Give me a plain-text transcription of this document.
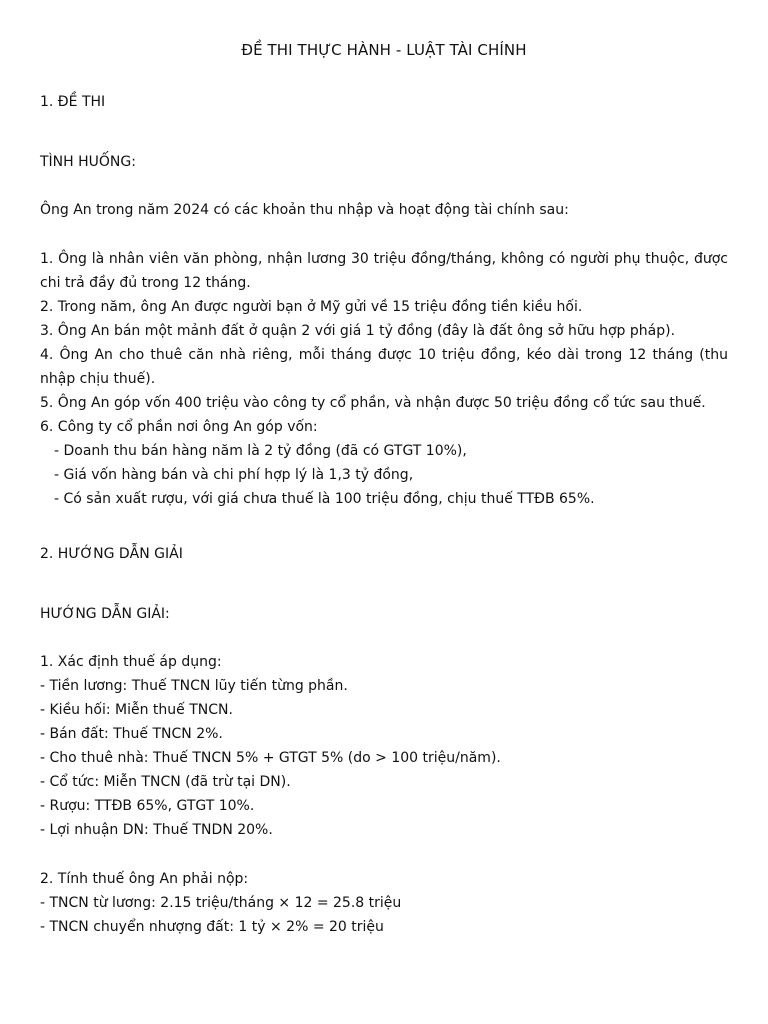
ĐỀ THI THỰC HÀNH - LUẬT TÀI CHÍNH
1. ĐỀ THI
TÌNH HUỐNG:
Ông An trong năm 2024 có các khoản thu nhập và hoạt động tài chính sau:
1. Ông là nhân viên văn phòng, nhận lương 30 triệu đồng/tháng, không có người phụ thuộc, được chi trả đầy đủ trong 12 tháng.
2. Trong năm, ông An được người bạn ở Mỹ gửi về 15 triệu đồng tiền kiều hối.
3. Ông An bán một mảnh đất ở quận 2 với giá 1 tỷ đồng (đây là đất ông sở hữu hợp pháp).
4. Ông An cho thuê căn nhà riêng, mỗi tháng được 10 triệu đồng, kéo dài trong 12 tháng (thu nhập chịu thuế).
5. Ông An góp vốn 400 triệu vào công ty cổ phần, và nhận được 50 triệu đồng cổ tức sau thuế.
6. Công ty cổ phần nơi ông An góp vốn:
- Doanh thu bán hàng năm là 2 tỷ đồng (đã có GTGT 10%),
- Giá vốn hàng bán và chi phí hợp lý là 1,3 tỷ đồng,
- Có sản xuất rượu, với giá chưa thuế là 100 triệu đồng, chịu thuế TTĐB 65%.
2. HƯỚNG DẪN GIẢI
HƯỚNG DẪN GIẢI:
1. Xác định thuế áp dụng:
- Tiền lương: Thuế TNCN lũy tiến từng phần.
- Kiều hối: Miễn thuế TNCN.
- Bán đất: Thuế TNCN 2%.
- Cho thuê nhà: Thuế TNCN 5% + GTGT 5% (do > 100 triệu/năm).
- Cổ tức: Miễn TNCN (đã trừ tại DN).
- Rượu: TTĐB 65%, GTGT 10%.
- Lợi nhuận DN: Thuế TNDN 20%.
2. Tính thuế ông An phải nộp:
- TNCN từ lương: 2.15 triệu/tháng × 12 = 25.8 triệu
- TNCN chuyển nhượng đất: 1 tỷ × 2% = 20 triệu
